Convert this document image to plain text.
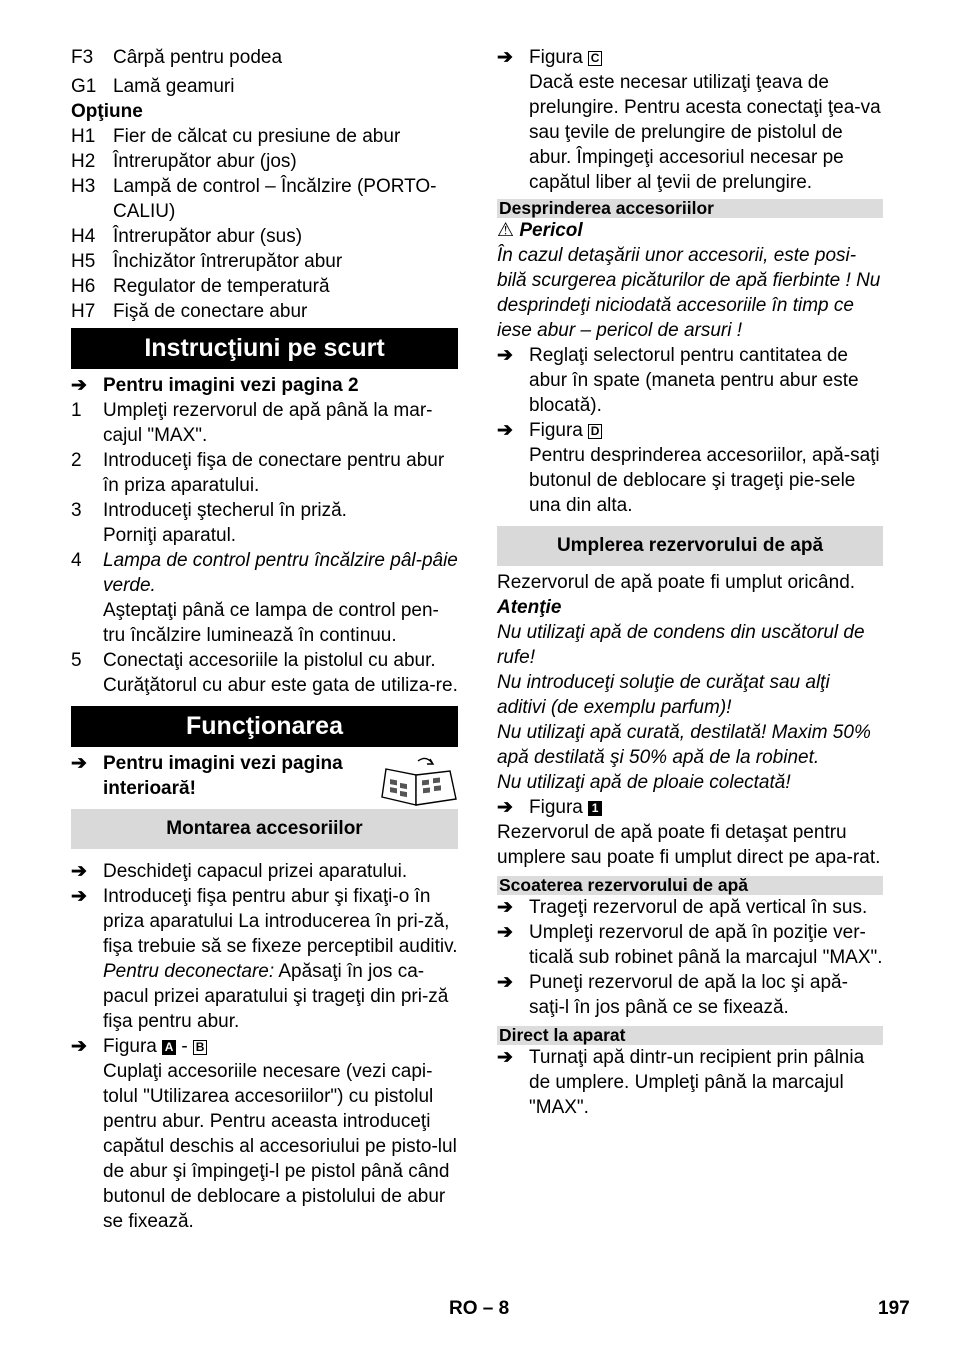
F3	Cârpă pentru podea
G1 Lamă geamuri

Opţiune

H1 Fier de călcat cu presiune de abur
H2 Întrerupător abur (jos)
H3 Lampă de control – Încălzire (PORTO-CALIU)
H4 Întrerupător abur (sus)
H5 Închizător întrerupător abur
H6 Regulator de temperatură
H7 Fişă de conectare abur
Instrucţiuni pe scurt
➔ Pentru imagini vezi pagina 2
1	Umpleţi rezervorul de apă până la mar-cajul "MAX".
2	Introduceţi fişa de conectare pentru abur în priza aparatului.
3	Introduceţi ştecherul în priză.
Porniţi aparatul.
4	Lampa de control pentru încălzire pâl-pâie verde.
Aşteptaţi până ce lampa de control pen-tru încălzire luminează în continuu.
5	Conectaţi accesoriile la pistolul cu abur. Curăţătorul cu abur este gata de utiliza-re.
Funcţionarea
➔ Pentru imagini vezi pagina
interioară!
Montarea accesoriilor
➔ Deschideţi capacul prizei aparatului.
➔ Introduceţi fişa pentru abur şi fixaţi-o în priza aparatului La introducerea în pri-ză, fişa trebuie să se fixeze perceptibil auditiv.
Pentru deconectare: Apăsaţi în jos ca-pacul prizei aparatului şi trageţi din pri-ză fişa pentru abur.
➔ Figura A - B
Cuplaţi accesoriile necesare (vezi capi-tolul "Utilizarea accesoriilor") cu pistolul pentru abur. Pentru aceasta introduceţi capătul deschis al accesoriului pe pisto-lul de abur şi împingeţi-l pe pistol până când butonul de deblocare a pistolului de abur se fixează.
➔ Figura C
Dacă este necesar utilizaţi ţeava de prelungire. Pentru acesta conectaţi ţea-va sau ţevile de prelungire de pistolul de abur. Împingeţi accesoriul necesar pe capătul liber al ţevii de prelungire.
Desprinderea accesoriilor

⚠ Pericol

În cazul detaşării unor accesorii, este posi-bilă scurgerea picăturilor de apă fierbinte ! Nu desprindeţi niciodată accesoriile în timp ce iese abur – pericol de arsuri !

➔ Reglaţi selectorul pentru cantitatea de abur în spate (maneta pentru abur este blocată).
➔ Figura D
Pentru desprinderea accesoriilor, apă-saţi butonul de deblocare şi trageţi pie-sele una din alta.
Umplerea rezervorului de apă

Rezervorul de apă poate fi umplut oricând.

Atenţie

Nu utilizaţi apă de condens din uscătorul de rufe!

Nu introduceţi soluţie de curăţat sau alţi aditivi (de exemplu parfum)!

Nu utilizaţi apă curată, destilată! Maxim 50% apă destilată şi 50% apă de la robinet.

Nu utilizaţi apă de ploaie colectată!

➔ Figura 1

Rezervorul de apă poate fi detaşat pentru umplere sau poate fi umplut direct pe apa-rat.

Scoaterea rezervorului de apă
➔ Trageţi rezervorul de apă vertical în sus.
➔ Umpleţi rezervorul de apă în poziţie ver-ticală sub robinet până la marcajul "MAX".
➔ Puneţi rezervorul de apă la loc şi apă-saţi-l în jos până ce se fixează.
Direct la aparat
➔ Turnaţi apă dintr-un recipient prin pâlnia de umplere. Umpleţi până la marcajul "MAX".
RO – 8	197
